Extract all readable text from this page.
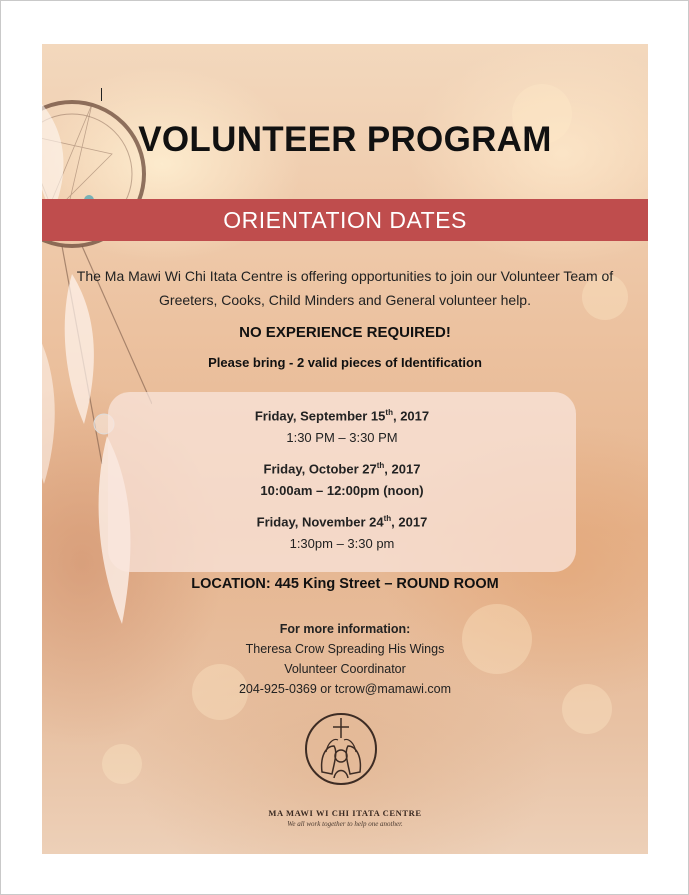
VOLUNTEER PROGRAM
ORIENTATION DATES

The Ma Mawi Wi Chi Itata Centre is offering opportunities to join our Volunteer Team of
Greeters, Cooks, Child Minders and General volunteer help.

NO EXPERIENCE REQUIRED!
Please bring - 2 valid pieces of Identification
Friday, September 15th, 2017
1:30 PM – 3:30 PM
Friday, October 27th, 2017
10:00am – 12:00pm (noon)
Friday, November 24th, 2017
1:30pm – 3:30 pm
LOCATION: 445 King Street – ROUND ROOM
For more information:
Theresa Crow Spreading His Wings
Volunteer Coordinator
204-925-0369 or tcrow@mamawi.com
MA MAWI WI CHI ITATA CENTRE
We all work together to help one another.
